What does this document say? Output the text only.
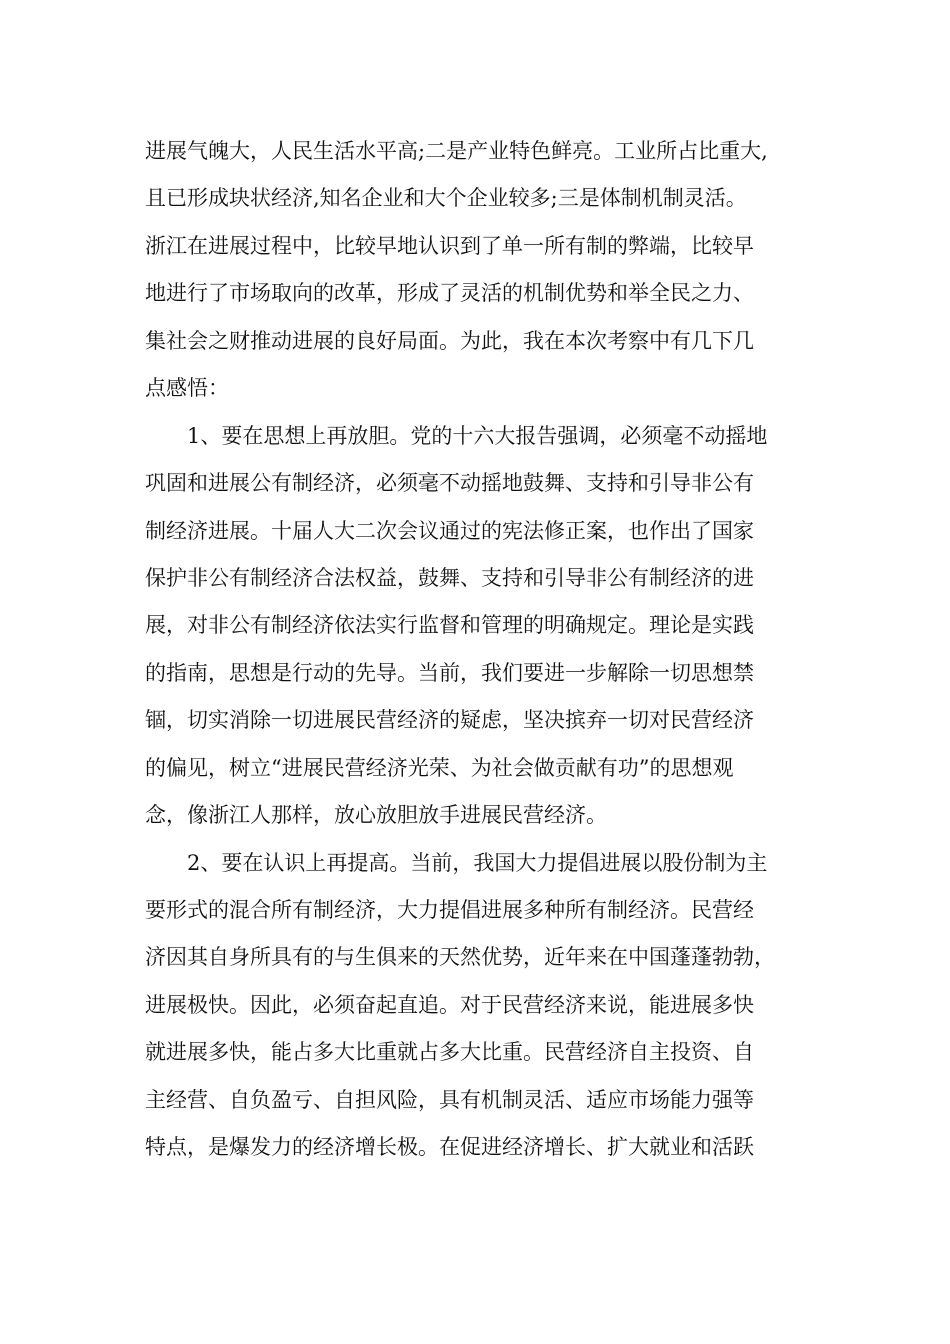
进展气魄大，人民生活水平高;二是产业特色鲜亮。工业所占比重大,
且已形成块状经济,知名企业和大个企业较多;三是体制机制灵活。
浙江在进展过程中，比较早地认识到了单一所有制的弊端，比较早
地进行了市场取向的改革，形成了灵活的机制优势和举全民之力、
集社会之财推动进展的良好局面。为此，我在本次考察中有几下几
点感悟：
1、要在思想上再放胆。党的十六大报告强调，必须毫不动摇地
巩固和进展公有制经济，必须毫不动摇地鼓舞、支持和引导非公有
制经济进展。十届人大二次会议通过的宪法修正案，也作出了国家
保护非公有制经济合法权益，鼓舞、支持和引导非公有制经济的进
展，对非公有制经济依法实行监督和管理的明确规定。理论是实践
的指南，思想是行动的先导。当前，我们要进一步解除一切思想禁
锢，切实消除一切进展民营经济的疑虑，坚决摈弃一切对民营经济
的偏见，树立“进展民营经济光荣、为社会做贡献有功”的思想观
念，像浙江人那样，放心放胆放手进展民营经济。
2、要在认识上再提高。当前，我国大力提倡进展以股份制为主
要形式的混合所有制经济，大力提倡进展多种所有制经济。民营经
济因其自身所具有的与生俱来的天然优势，近年来在中国蓬蓬勃勃，
进展极快。因此，必须奋起直追。对于民营经济来说，能进展多快
就进展多快，能占多大比重就占多大比重。民营经济自主投资、自
主经营、自负盈亏、自担风险，具有机制灵活、适应市场能力强等
特点，是爆发力的经济增长极。在促进经济增长、扩大就业和活跃
